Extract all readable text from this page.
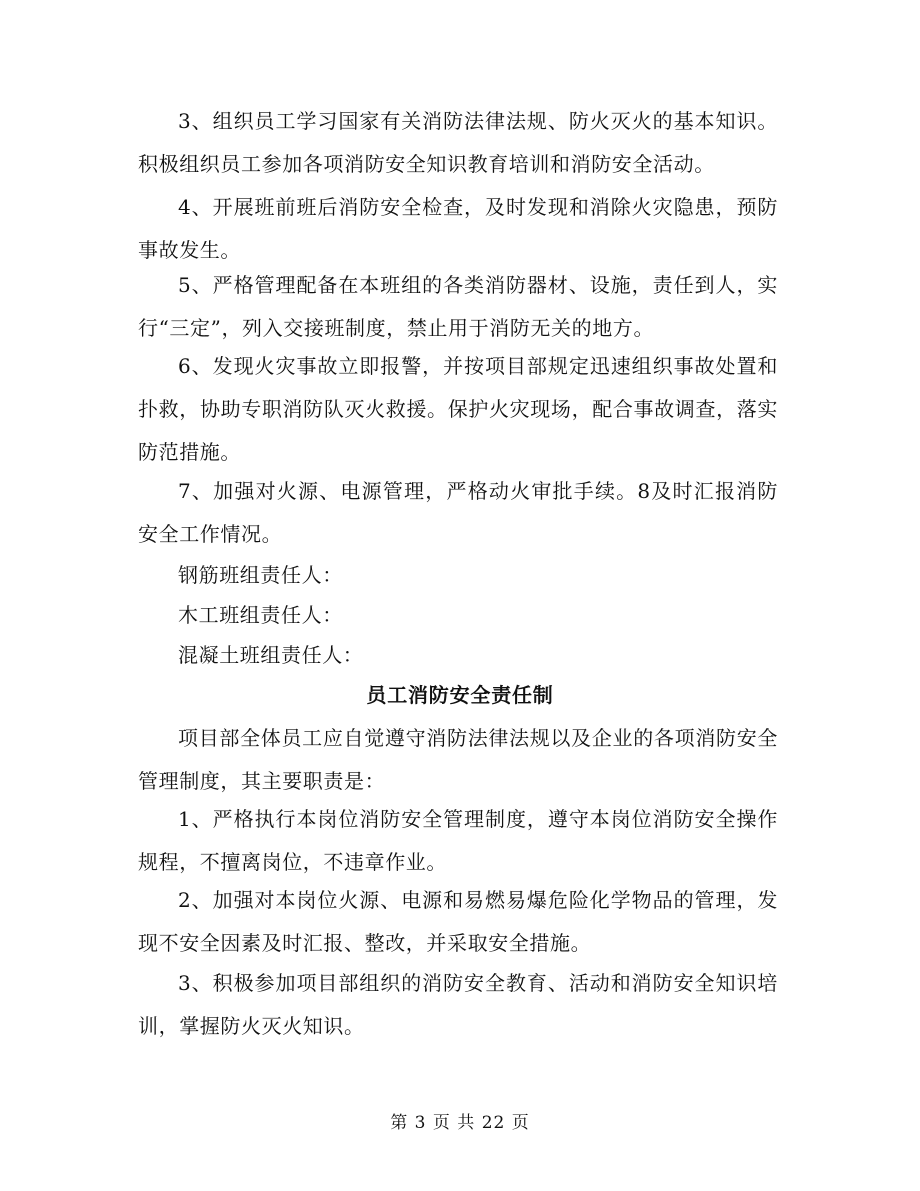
3、组织员工学习国家有关消防法律法规、防火灭火的基本知识。积极组织员工参加各项消防安全知识教育培训和消防安全活动。

4、开展班前班后消防安全检查，及时发现和消除火灾隐患，预防事故发生。

5、严格管理配备在本班组的各类消防器材、设施，责任到人，实行“三定”，列入交接班制度，禁止用于消防无关的地方。

6、发现火灾事故立即报警，并按项目部规定迅速组织事故处置和扑救，协助专职消防队灭火救援。保护火灾现场，配合事故调查，落实防范措施。

7、加强对火源、电源管理，严格动火审批手续。8及时汇报消防安全工作情况。

钢筋班组责任人：

木工班组责任人：

混凝土班组责任人：

员工消防安全责任制

项目部全体员工应自觉遵守消防法律法规以及企业的各项消防安全管理制度，其主要职责是：

1、严格执行本岗位消防安全管理制度，遵守本岗位消防安全操作规程，不擅离岗位，不违章作业。

2、加强对本岗位火源、电源和易燃易爆危险化学物品的管理，发现不安全因素及时汇报、整改，并采取安全措施。

3、积极参加项目部组织的消防安全教育、活动和消防安全知识培训，掌握防火灭火知识。

第 3 页 共 22 页
